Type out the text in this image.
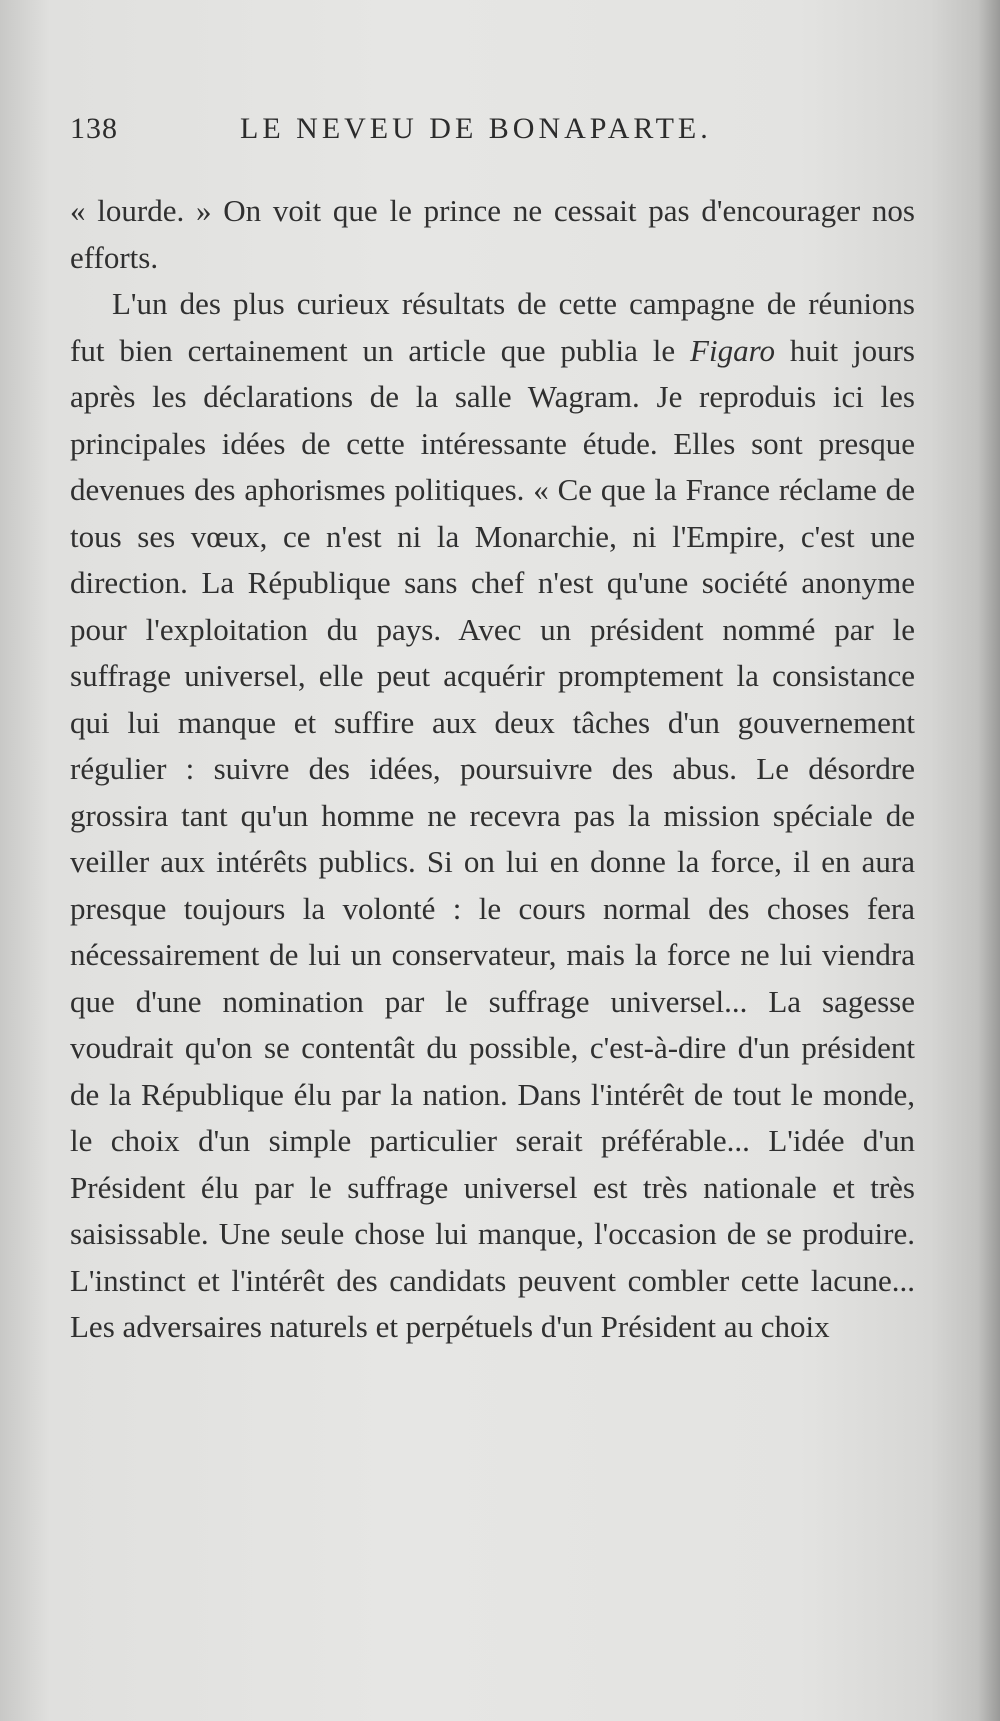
138	LE NEVEU DE BONAPARTE.

« lourde. » On voit que le prince ne cessait pas d'encourager nos efforts.

L'un des plus curieux résultats de cette campagne de réunions fut bien certainement un article que publia le Figaro huit jours après les déclarations de la salle Wagram. Je reproduis ici les principales idées de cette intéressante étude. Elles sont presque devenues des aphorismes politiques. « Ce que la France réclame de tous ses vœux, ce n'est ni la Monarchie, ni l'Empire, c'est une direction. La République sans chef n'est qu'une société anonyme pour l'exploitation du pays. Avec un président nommé par le suffrage universel, elle peut acquérir promptement la consistance qui lui manque et suffire aux deux tâches d'un gouvernement régulier : suivre des idées, poursuivre des abus. Le désordre grossira tant qu'un homme ne recevra pas la mission spéciale de veiller aux intérêts publics. Si on lui en donne la force, il en aura presque toujours la volonté : le cours normal des choses fera nécessairement de lui un conservateur, mais la force ne lui viendra que d'une nomination par le suffrage universel... La sagesse voudrait qu'on se contentât du possible, c'est-à-dire d'un président de la République élu par la nation. Dans l'intérêt de tout le monde, le choix d'un simple particulier serait préférable... L'idée d'un Président élu par le suffrage universel est très nationale et très saisissable. Une seule chose lui manque, l'occasion de se produire. L'instinct et l'intérêt des candidats peuvent combler cette lacune... Les adversaires naturels et perpétuels d'un Président au choix
